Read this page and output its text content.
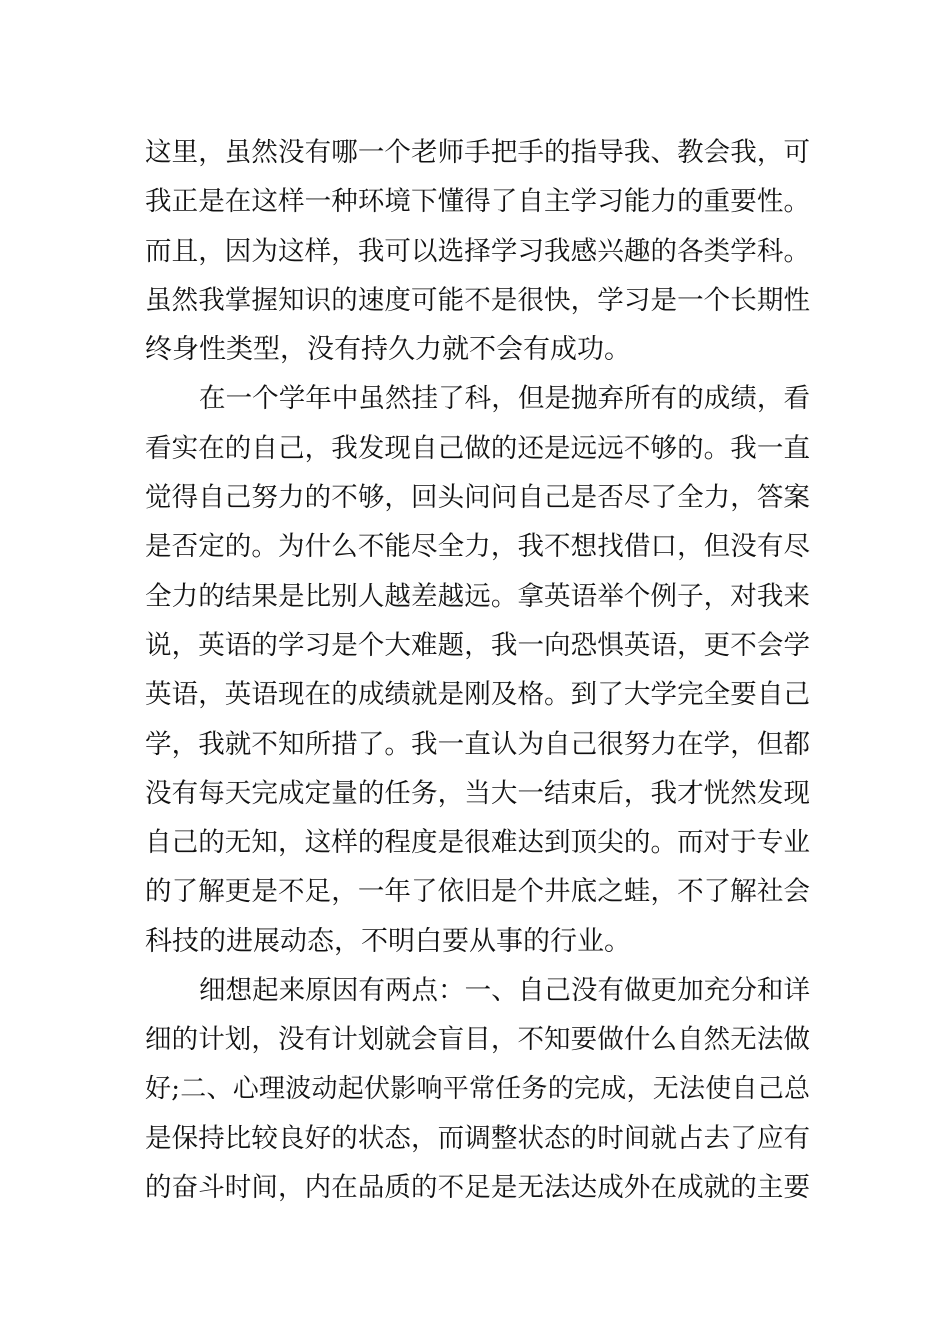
这里，虽然没有哪一个老师手把手的指导我、教会我，可
我正是在这样一种环境下懂得了自主学习能力的重要性。
而且，因为这样，我可以选择学习我感兴趣的各类学科。
虽然我掌握知识的速度可能不是很快，学习是一个长期性
终身性类型，没有持久力就不会有成功。
在一个学年中虽然挂了科，但是抛弃所有的成绩，看
看实在的自己，我发现自己做的还是远远不够的。我一直
觉得自己努力的不够，回头问问自己是否尽了全力，答案
是否定的。为什么不能尽全力，我不想找借口，但没有尽
全力的结果是比别人越差越远。拿英语举个例子，对我来
说，英语的学习是个大难题，我一向恐惧英语，更不会学
英语，英语现在的成绩就是刚及格。到了大学完全要自己
学，我就不知所措了。我一直认为自己很努力在学，但都
没有每天完成定量的任务，当大一结束后，我才恍然发现
自己的无知，这样的程度是很难达到顶尖的。而对于专业
的了解更是不足，一年了依旧是个井底之蛙，不了解社会
科技的进展动态，不明白要从事的行业。
细想起来原因有两点：一、自己没有做更加充分和详
细的计划，没有计划就会盲目，不知要做什么自然无法做
好;二、心理波动起伏影响平常任务的完成，无法使自己总
是保持比较良好的状态，而调整状态的时间就占去了应有
的奋斗时间，内在品质的不足是无法达成外在成就的主要
